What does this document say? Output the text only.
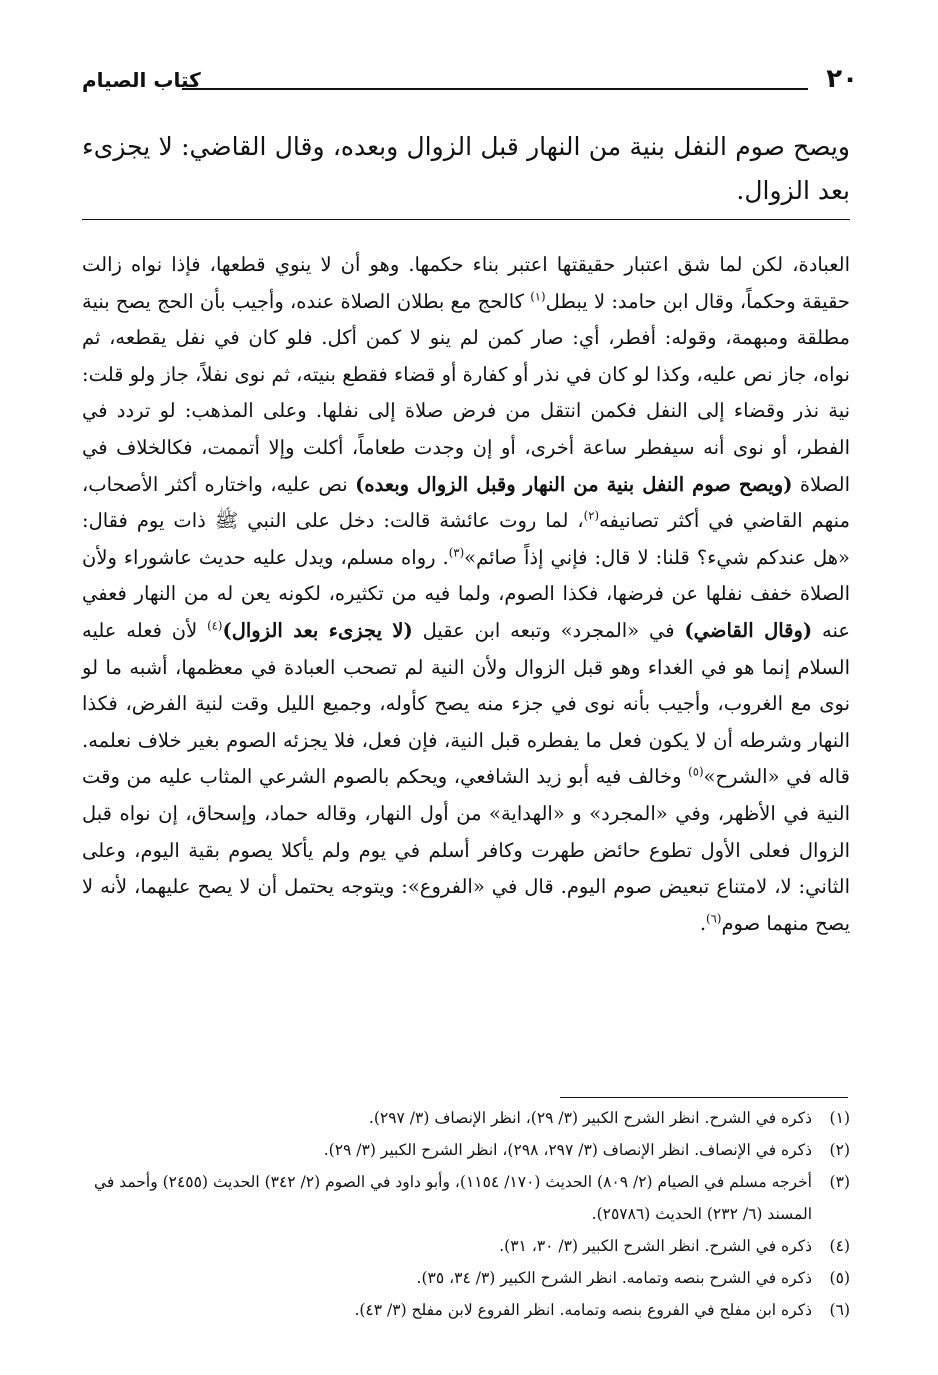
٢٠
كتاب الصيام
ويصح صوم النفل بنية من النهار قبل الزوال وبعده، وقال القاضي: لا يجزىء بعد الزوال.

العبادة، لكن لما شق اعتبار حقيقتها اعتبر بناء حكمها. وهو أن لا ينوي قطعها، فإذا نواه زالت حقيقة وحكماً، وقال ابن حامد: لا يبطل$^{(١)}$ كالحج مع بطلان الصلاة عنده، وأجيب بأن الحج يصح بنية مطلقة ومبهمة، وقوله: أفطر، أي: صار كمن لم ينو لا كمن أكل. فلو كان في نفل يقطعه، ثم نواه، جاز نص عليه، وكذا لو كان في نذر أو كفارة أو قضاء فقطع بنيته، ثم نوى نفلاً، جاز ولو قلت: نية نذر وقضاء إلى النفل فكمن انتقل من فرض صلاة إلى نفلها. وعلى المذهب: لو تردد في الفطر، أو نوى أنه سيفطر ساعة أخرى، أو إن وجدت طعاماً، أكلت وإلا أتممت، فكالخلاف في الصلاة (ويصح صوم النفل بنية من النهار وقبل الزوال وبعده) نص عليه، واختاره أكثر الأصحاب، منهم القاضي في أكثر تصانيفه$^{(٢)}$، لما روت عائشة قالت: دخل على النبي ﷺ ذات يوم فقال: «هل عندكم شيء؟ قلنا: لا قال: فإني إذاً صائم»$^{(٣)}$. رواه مسلم، ويدل عليه حديث عاشوراء ولأن الصلاة خفف نفلها عن فرضها، فكذا الصوم، ولما فيه من تكثيره، لكونه يعن له من النهار فعفي عنه (وقال القاضي) في «المجرد» وتبعه ابن عقيل (لا يجزىء بعد الزوال)$^{(٤)}$ لأن فعله عليه السلام إنما هو في الغداء وهو قبل الزوال ولأن النية لم تصحب العبادة في معظمها، أشبه ما لو نوى مع الغروب، وأجيب بأنه نوى في جزء منه يصح كأوله، وجميع الليل وقت لنية الفرض، فكذا النهار وشرطه أن لا يكون فعل ما يفطره قبل النية، فإن فعل، فلا يجزئه الصوم بغير خلاف نعلمه. قاله في «الشرح»$^{(٥)}$ وخالف فيه أبو زيد الشافعي، ويحكم بالصوم الشرعي المثاب عليه من وقت النية في الأظهر، وفي «المجرد» و «الهداية» من أول النهار، وقاله حماد، وإسحاق، إن نواه قبل الزوال فعلى الأول تطوع حائض طهرت وكافر أسلم في يوم ولم يأكلا يصوم بقية اليوم، وعلى الثاني: لا، لامتناع تبعيض صوم اليوم. قال في «الفروع»: ويتوجه يحتمل أن لا يصح عليهما، لأنه لا يصح منهما صوم$^{(٦)}$.

(١)
ذكره في الشرح. انظر الشرح الكبير (٣/ ٢٩)، انظر الإنصاف (٣/ ٢٩٧).

(٢)
ذكره في الإنصاف. انظر الإنصاف (٣/ ٢٩٧، ٢٩٨)، انظر الشرح الكبير (٣/ ٢٩).

(٣)
أخرجه مسلم في الصيام (٢/ ٨٠٩) الحديث (١٧٠/ ١١٥٤)، وأبو داود في الصوم (٢/ ٣٤٢) الحديث (٢٤٥٥) وأحمد في المسند (٦/ ٢٣٢) الحديث (٢٥٧٨٦).

(٤)
ذكره في الشرح. انظر الشرح الكبير (٣/ ٣٠، ٣١).

(٥)
ذكره في الشرح بنصه وتمامه. انظر الشرح الكبير (٣/ ٣٤، ٣٥).

(٦)
ذكره ابن مفلح في الفروع بنصه وتمامه. انظر الفروع لابن مفلح (٣/ ٤٣).
